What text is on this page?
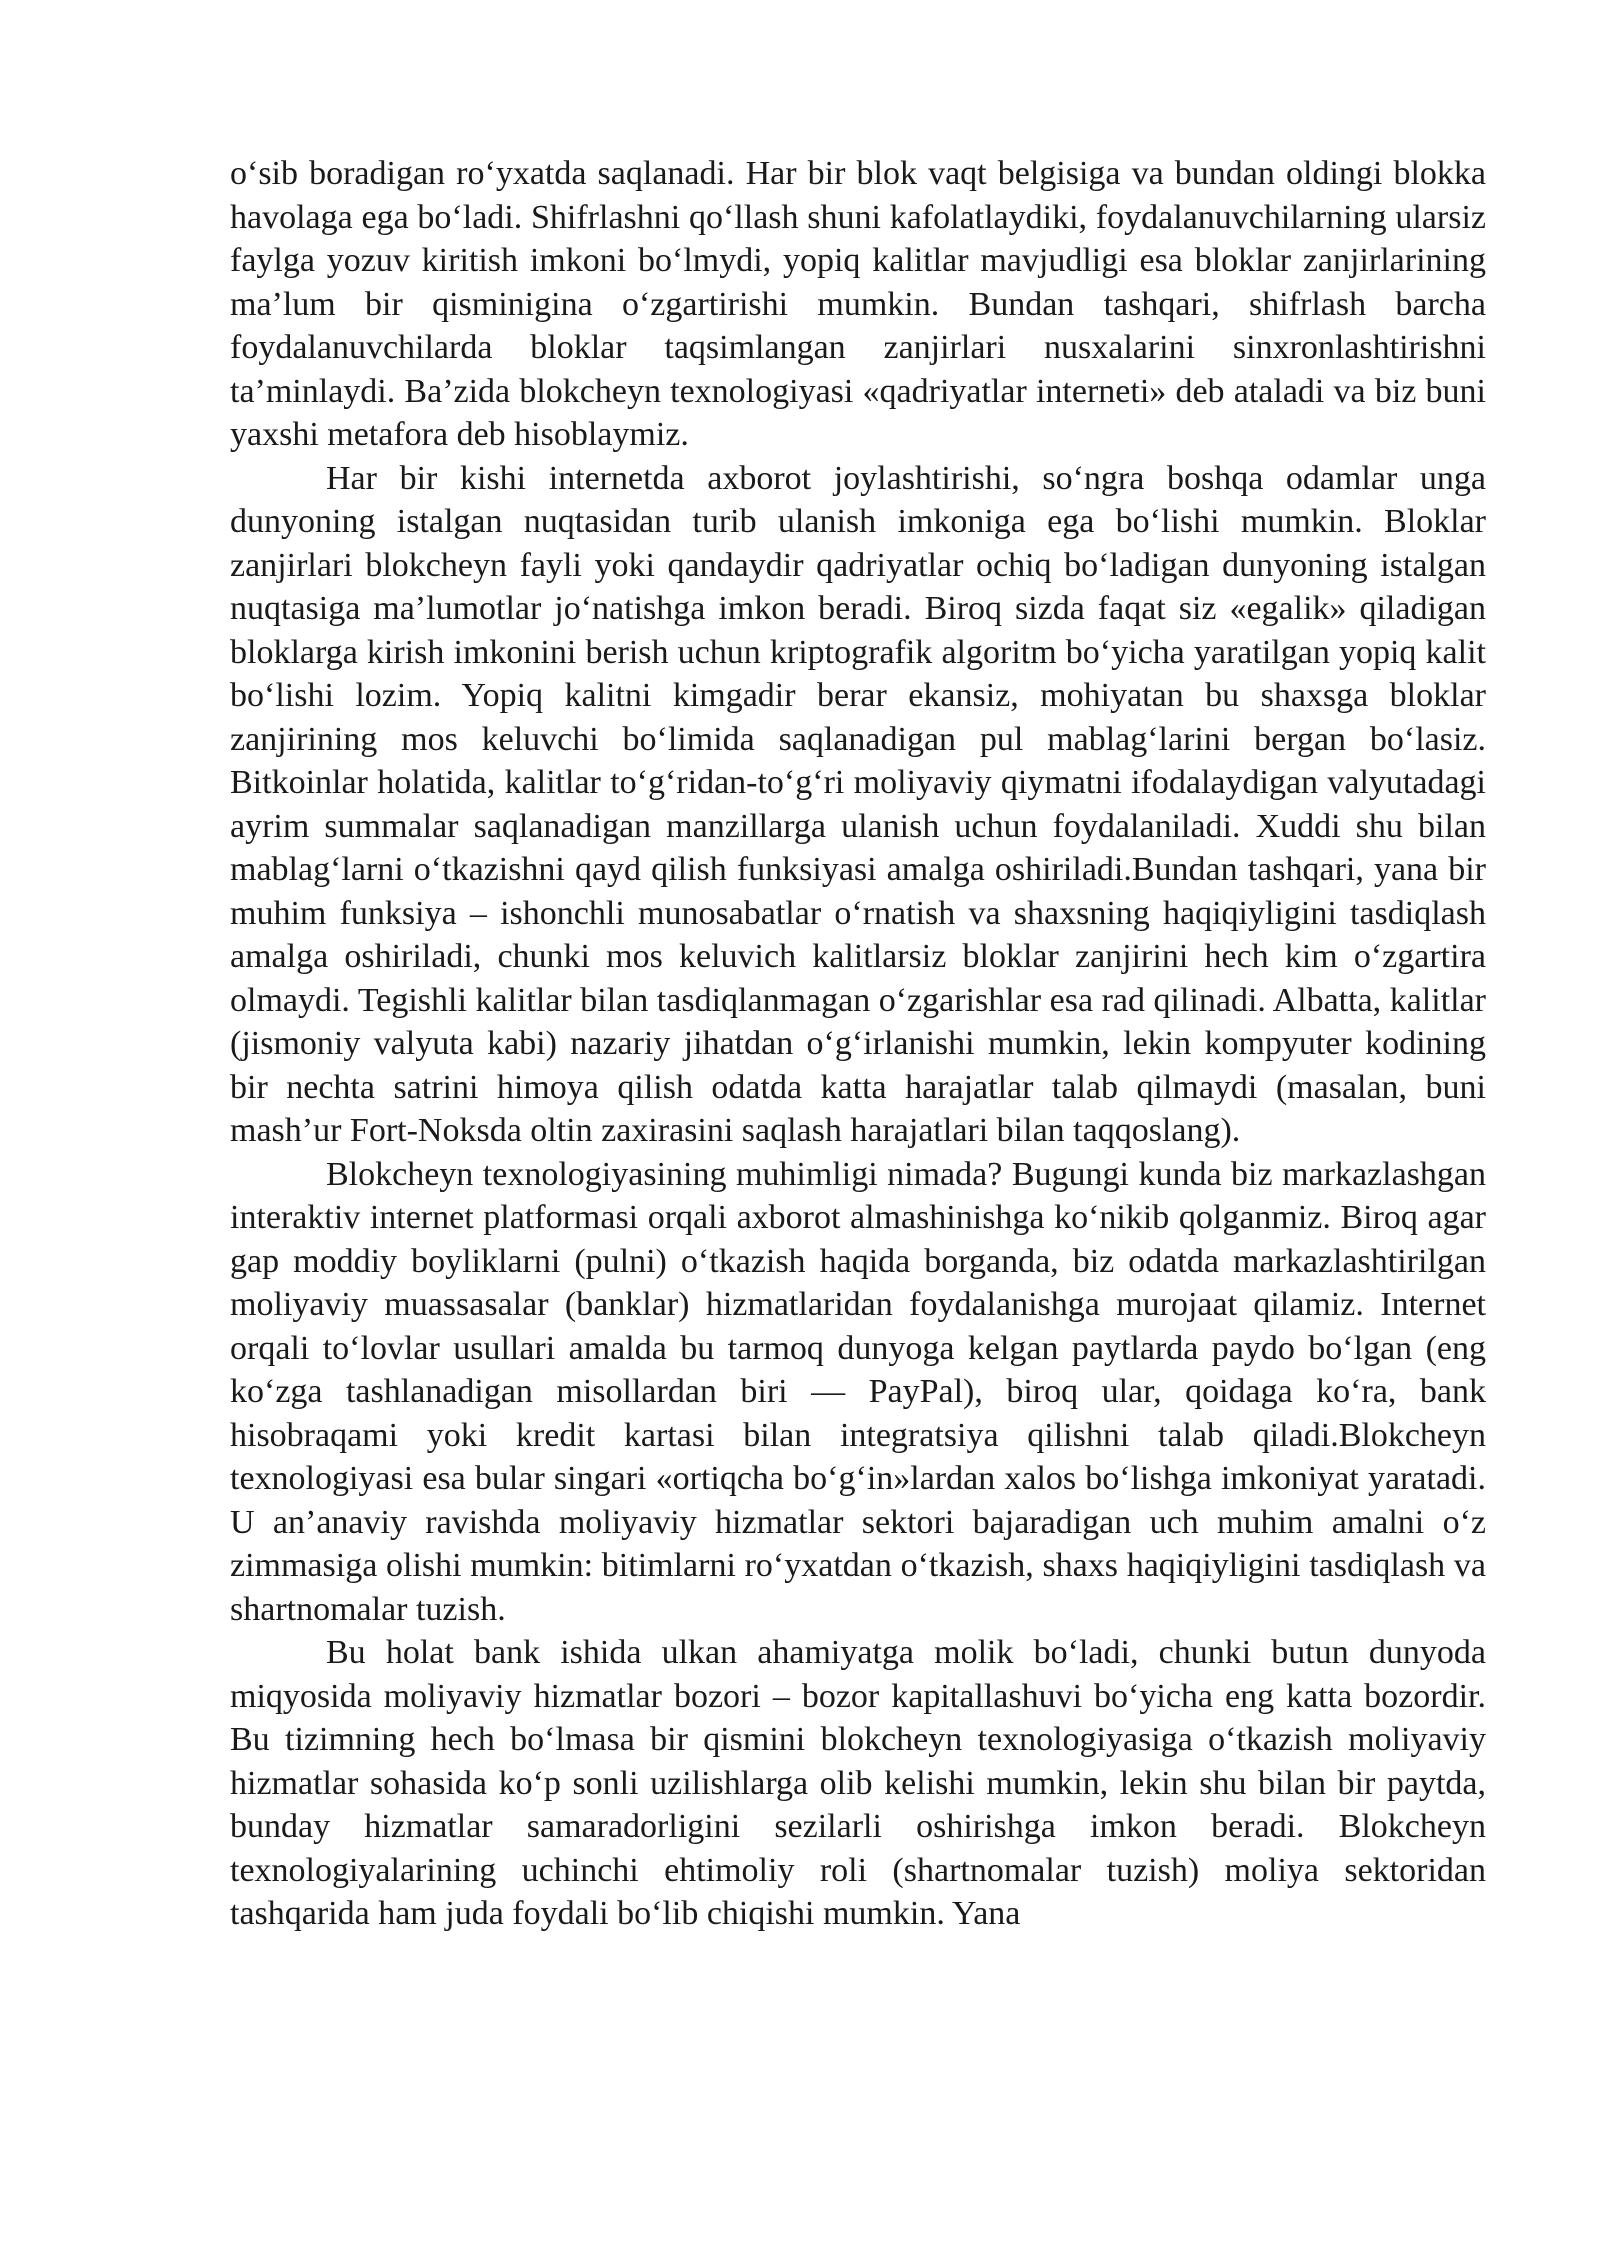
o‘sib boradigan ro‘yxatda saqlanadi. Har bir blok vaqt belgisiga va bundan oldingi blokka havolaga ega bo‘ladi. Shifrlashni qo‘llash shuni kafolatlaydiki, foydalanuvchilarning ularsiz faylga yozuv kiritish imkoni bo‘lmydi, yopiq kalitlar mavjudligi esa bloklar zanjirlarining ma’lum bir qisminigina o‘zgartirishi mumkin. Bundan tashqari, shifrlash barcha foydalanuvchilarda bloklar taqsimlangan zanjirlari nusxalarini sinxronlashtirishni ta’minlaydi. Ba’zida blokcheyn texnologiyasi «qadriyatlar interneti» deb ataladi va biz buni yaxshi metafora deb hisoblaymiz.

Har bir kishi internetda axborot joylashtirishi, so‘ngra boshqa odamlar unga dunyoning istalgan nuqtasidan turib ulanish imkoniga ega bo‘lishi mumkin. Bloklar zanjirlari blokcheyn fayli yoki qandaydir qadriyatlar ochiq bo‘ladigan dunyoning istalgan nuqtasiga ma’lumotlar jo‘natishga imkon beradi. Biroq sizda faqat siz «egalik» qiladigan bloklarga kirish imkonini berish uchun kriptografik algoritm bo‘yicha yaratilgan yopiq kalit bo‘lishi lozim. Yopiq kalitni kimgadir berar ekansiz, mohiyatan bu shaxsga bloklar zanjirining mos keluvchi bo‘limida saqlanadigan pul mablag‘larini bergan bo‘lasiz. Bitkoinlar holatida, kalitlar to‘g‘ridan-to‘g‘ri moliyaviy qiymatni ifodalaydigan valyutadagi ayrim summalar saqlanadigan manzillarga ulanish uchun foydalaniladi. Xuddi shu bilan mablag‘larni o‘tkazishni qayd qilish funksiyasi amalga oshiriladi.Bundan tashqari, yana bir muhim funksiya – ishonchli munosabatlar o‘rnatish va shaxsning haqiqiyligini tasdiqlash amalga oshiriladi, chunki mos keluvich kalitlarsiz bloklar zanjirini hech kim o‘zgartira olmaydi. Tegishli kalitlar bilan tasdiqlanmagan o‘zgarishlar esa rad qilinadi. Albatta, kalitlar (jismoniy valyuta kabi) nazariy jihatdan o‘g‘irlanishi mumkin, lekin kompyuter kodining bir nechta satrini himoya qilish odatda katta harajatlar talab qilmaydi (masalan, buni mash’ur Fort-Noksda oltin zaxirasini saqlash harajatlari bilan taqqoslang).

Blokcheyn texnologiyasining muhimligi nimada? Bugungi kunda biz markazlashgan interaktiv internet platformasi orqali axborot almashinishga ko‘nikib qolganmiz. Biroq agar gap moddiy boyliklarni (pulni) o‘tkazish haqida borganda, biz odatda markazlashtirilgan moliyaviy muassasalar (banklar) hizmatlaridan foydalanishga murojaat qilamiz. Internet orqali to‘lovlar usullari amalda bu tarmoq dunyoga kelgan paytlarda paydo bo‘lgan (eng ko‘zga tashlanadigan misollardan biri — PayPal), biroq ular, qoidaga ko‘ra, bank hisobraqami yoki kredit kartasi bilan integratsiya qilishni talab qiladi.Blokcheyn texnologiyasi esa bular singari «ortiqcha bo‘g‘in»lardan xalos bo‘lishga imkoniyat yaratadi. U an’anaviy ravishda moliyaviy hizmatlar sektori bajaradigan uch muhim amalni o‘z zimmasiga olishi mumkin: bitimlarni ro‘yxatdan o‘tkazish, shaxs haqiqiyligini tasdiqlash va shartnomalar tuzish.

Bu holat bank ishida ulkan ahamiyatga molik bo‘ladi, chunki butun dunyoda miqyosida moliyaviy hizmatlar bozori – bozor kapitallashuvi bo‘yicha eng katta bozordir. Bu tizimning hech bo‘lmasa bir qismini blokcheyn texnologiyasiga o‘tkazish moliyaviy hizmatlar sohasida ko‘p sonli uzilishlarga olib kelishi mumkin, lekin shu bilan bir paytda, bunday hizmatlar samaradorligini sezilarli oshirishga imkon beradi. Blokcheyn texnologiyalarining uchinchi ehtimoliy roli (shartnomalar tuzish) moliya sektoridan tashqarida ham juda foydali bo‘lib chiqishi mumkin. Yana
